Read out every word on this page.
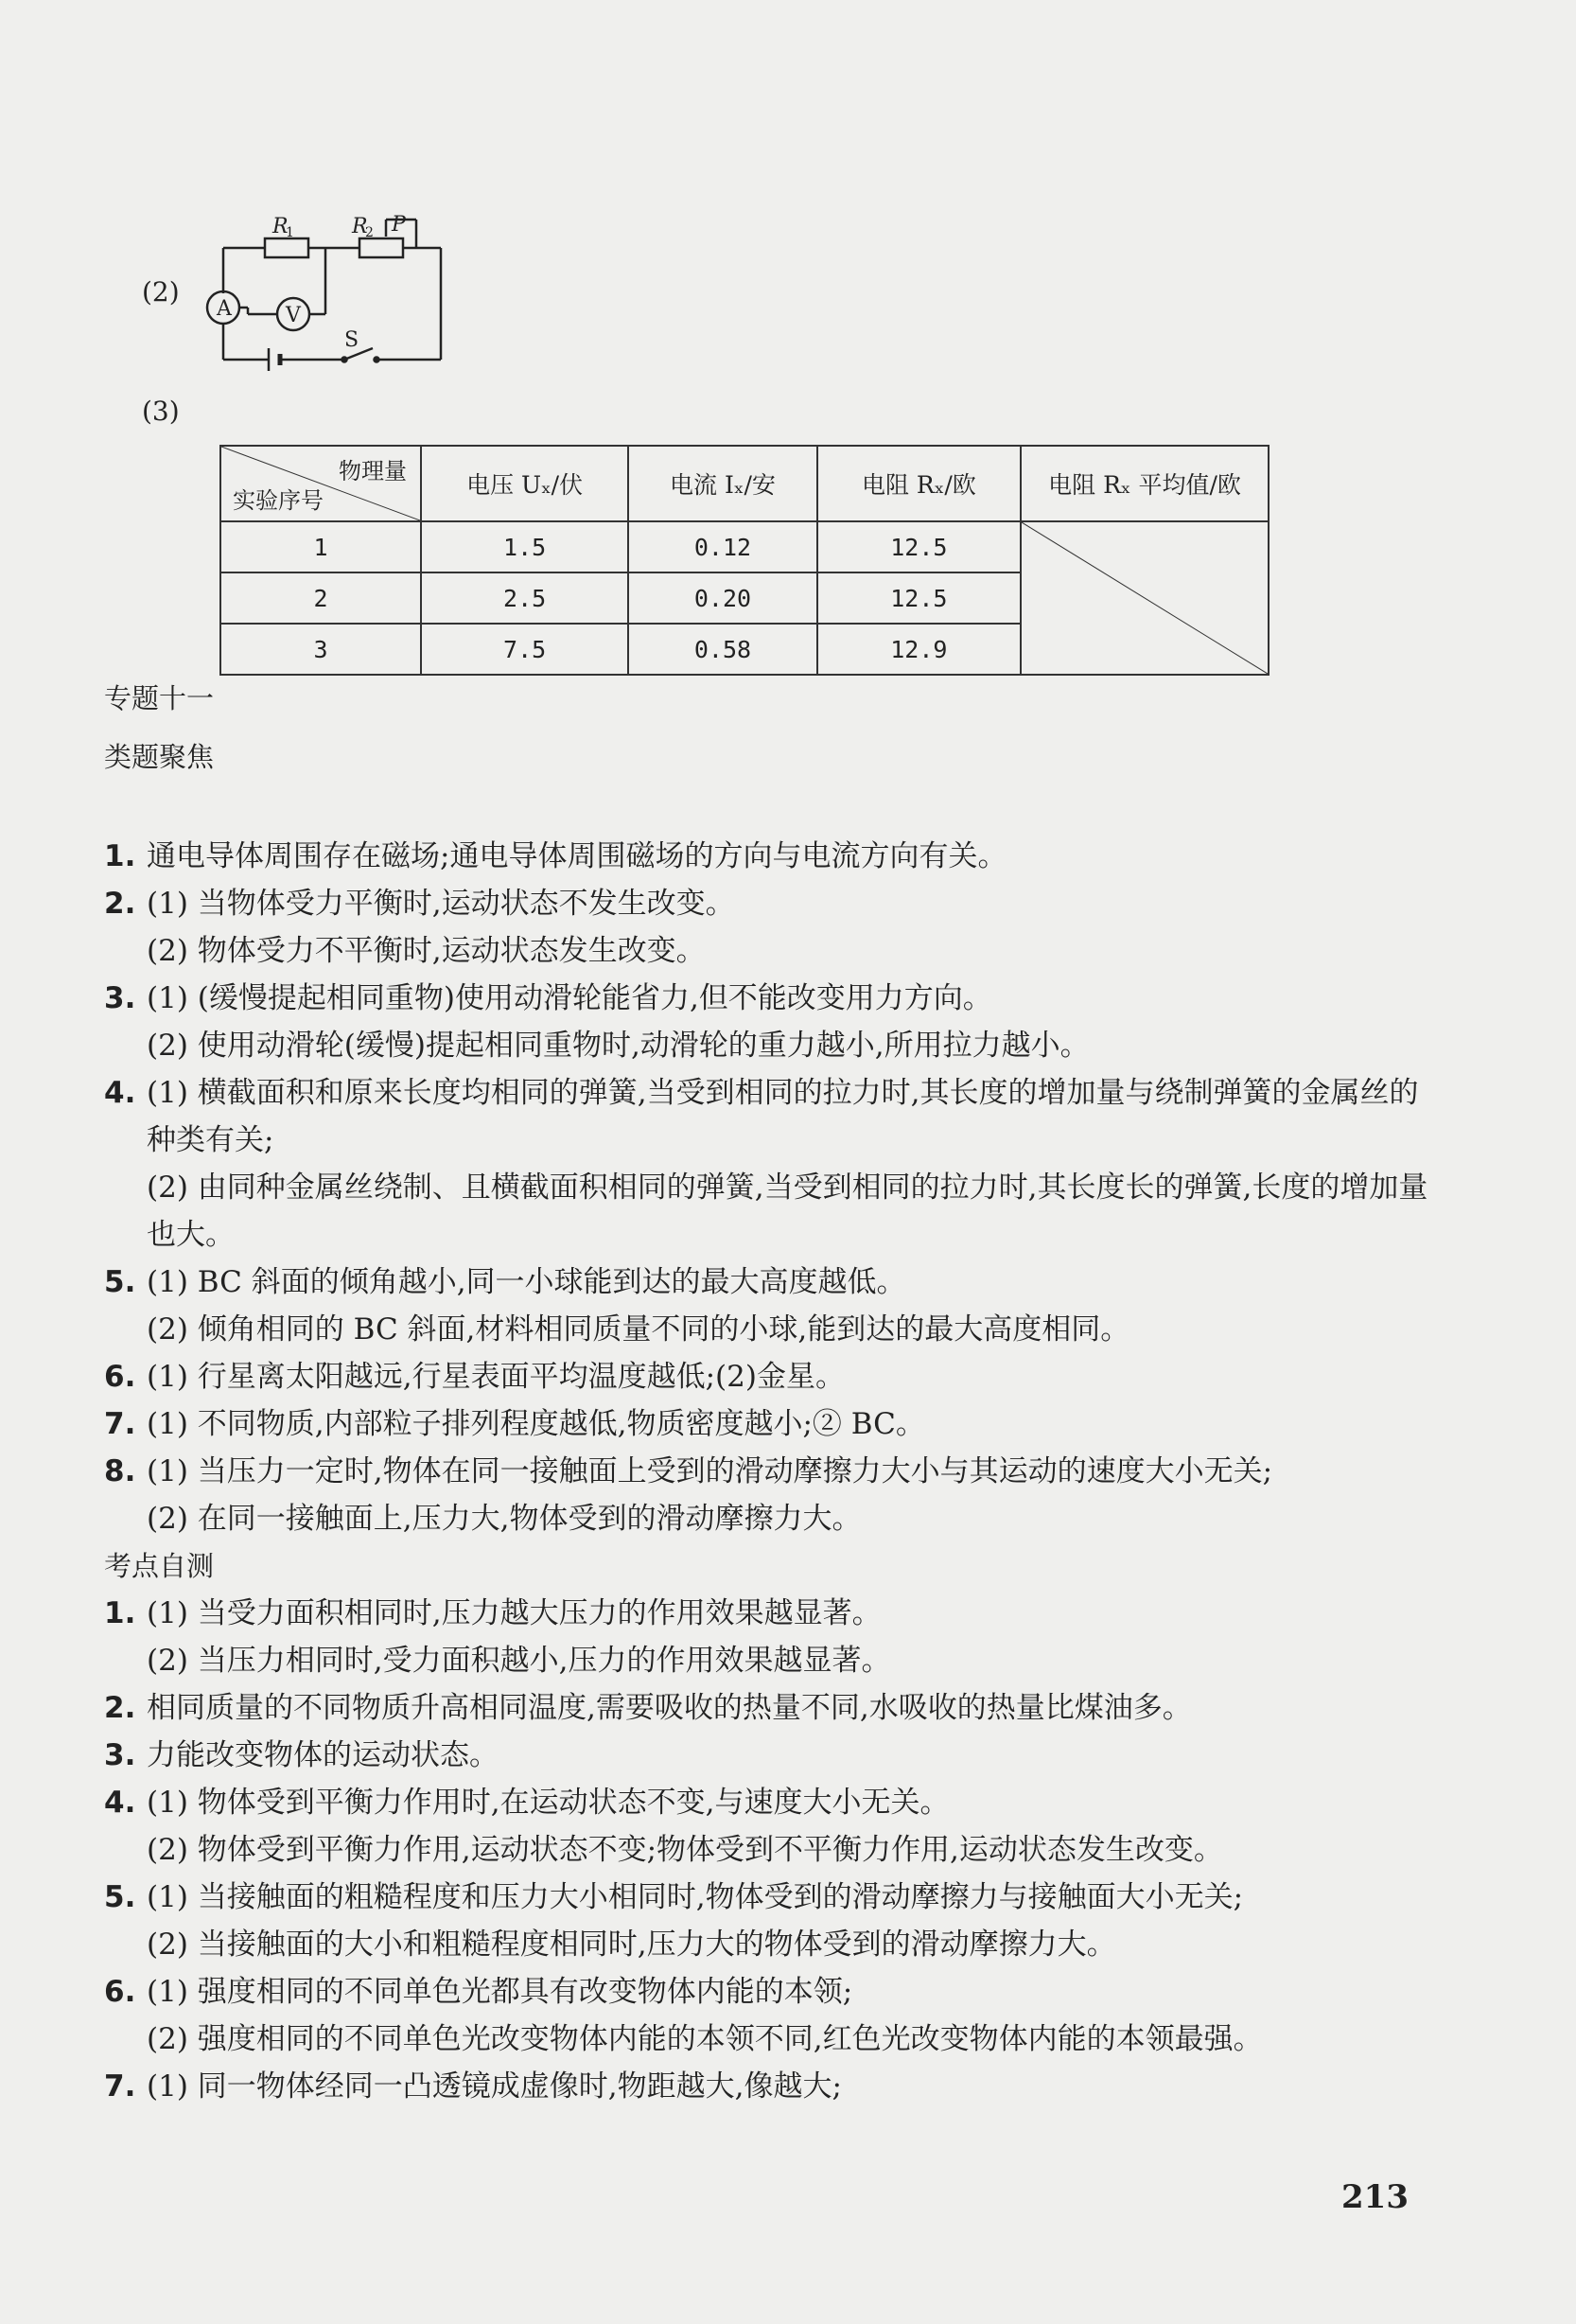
(2)
A	V
R
1	R
2 P
S
(3)
物理量
实验序号	电压 Uₓ/伏	电流 Iₓ/安	电阻 Rₓ/欧	电阻 Rₓ 平均值/欧
1	1.5	0.12	12.5	

2	2.5	0.20	12.5	
3	7.5	0.58	12.9	
专题十一
类题聚焦
1. 通电导体周围存在磁场;通电导体周围磁场的方向与电流方向有关。
2. (1) 当物体受力平衡时,运动状态不发生改变。
(2) 物体受力不平衡时,运动状态发生改变。
3. (1) (缓慢提起相同重物)使用动滑轮能省力,但不能改变用力方向。
(2) 使用动滑轮(缓慢)提起相同重物时,动滑轮的重力越小,所用拉力越小。
4. (1) 横截面积和原来长度均相同的弹簧,当受到相同的拉力时,其长度的增加量与绕制弹簧的金属丝的种类有关;
(2) 由同种金属丝绕制、且横截面积相同的弹簧,当受到相同的拉力时,其长度长的弹簧,长度的增加量也大。
5. (1) BC 斜面的倾角越小,同一小球能到达的最大高度越低。
(2) 倾角相同的 BC 斜面,材料相同质量不同的小球,能到达的最大高度相同。
6. (1) 行星离太阳越远,行星表面平均温度越低;(2)金星。
7. (1) 不同物质,内部粒子排列程度越低,物质密度越小;② BC。
8. (1) 当压力一定时,物体在同一接触面上受到的滑动摩擦力大小与其运动的速度大小无关;
(2) 在同一接触面上,压力大,物体受到的滑动摩擦力大。
考点自测
1. (1) 当受力面积相同时,压力越大压力的作用效果越显著。
(2) 当压力相同时,受力面积越小,压力的作用效果越显著。
2. 相同质量的不同物质升高相同温度,需要吸收的热量不同,水吸收的热量比煤油多。
3. 力能改变物体的运动状态。
4. (1) 物体受到平衡力作用时,在运动状态不变,与速度大小无关。
(2) 物体受到平衡力作用,运动状态不变;物体受到不平衡力作用,运动状态发生改变。
5. (1) 当接触面的粗糙程度和压力大小相同时,物体受到的滑动摩擦力与接触面大小无关;
(2) 当接触面的大小和粗糙程度相同时,压力大的物体受到的滑动摩擦力大。
6. (1) 强度相同的不同单色光都具有改变物体内能的本领;
(2) 强度相同的不同单色光改变物体内能的本领不同,红色光改变物体内能的本领最强。
7. (1) 同一物体经同一凸透镜成虚像时,物距越大,像越大;
213
